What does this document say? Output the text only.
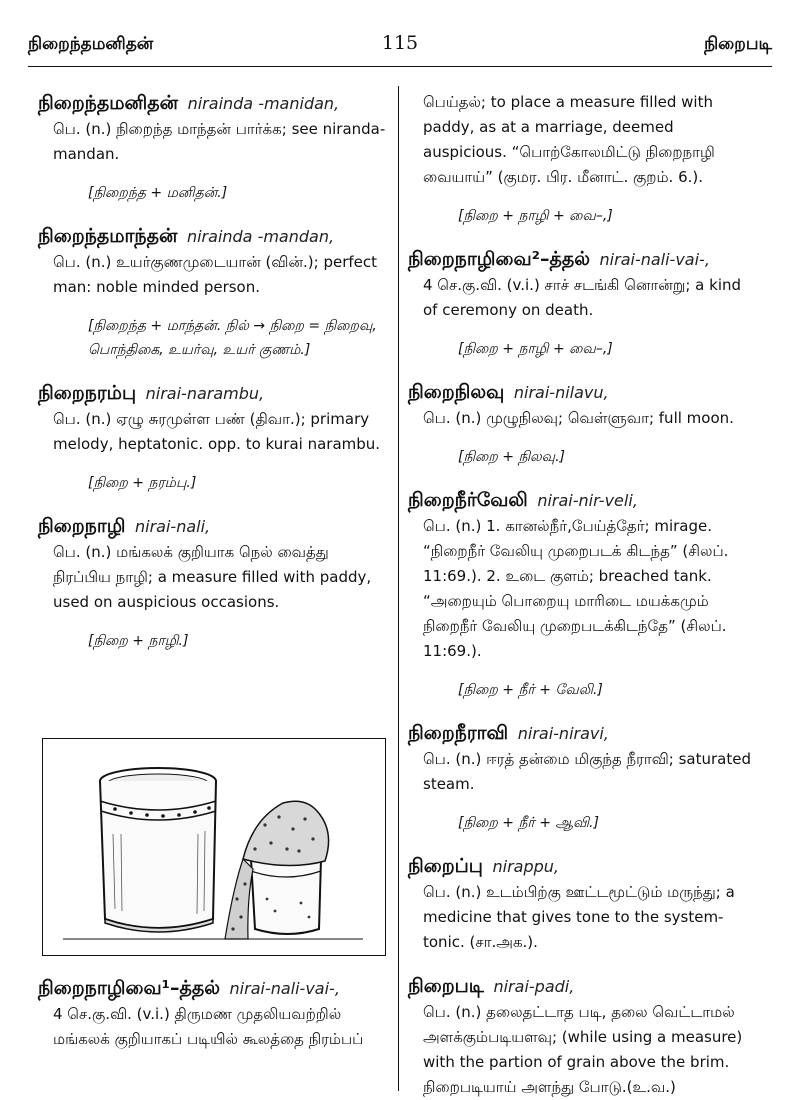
நிறைந்தமனிதன்	115	நிறைபடி
நிறைந்தமனிதன் nirainda -manidan,
பெ. (n.) நிறைந்த மாந்தன் பார்க்க; see niranda- mandan.
[நிறைந்த + மனிதன்.]
நிறைந்தமாந்தன் nirainda -mandan,
பெ. (n.) உயர்குணமுடையான் (வின்.); perfect man: noble minded person.
[நிறைந்த + மாந்தன். நில் → நிறை = நிறைவு, பொந்திகை, உயர்வு, உயர் குணம்.]
நிறைநரம்பு nirai-narambu,
பெ. (n.) ஏழு சுரமுள்ள பண் (திவா.); primary melody, heptatonic. opp. to kurai narambu.
[நிறை + நரம்பு.]
நிறைநாழி nirai-nali,
பெ. (n.) மங்கலக் குறியாக நெல் வைத்து நிரப்பிய நாழி; a measure filled with paddy, used on auspicious occasions.
[நிறை + நாழி.]
நிறைநாழிவை¹–த்தல் nirai-nali-vai-,
4 செ.கு.வி. (v.i.) திருமண முதலியவற்றில் மங்கலக் குறியாகப் படியில் கூலத்தை நிரம்பப்
பெய்தல்; to place a measure filled with paddy, as at a marriage, deemed auspicious. “பொற்கோலமிட்டு நிறைநாழி வையாய்” (குமர. பிர. மீனாட். குறம். 6.).
[நிறை + நாழி + வை–,]
நிறைநாழிவை²–த்தல் nirai-nali-vai-,
4 செ.கு.வி. (v.i.) சாச் சடங்கி னொன்று; a kind of ceremony on death.
[நிறை + நாழி + வை–,]
நிறைநிலவு nirai-nilavu,
பெ. (n.) முழுநிலவு; வெள்ளுவா; full moon.
[நிறை + நிலவு.]
நிறைநீர்வேலி nirai-nir-veli,
பெ. (n.) 1. கானல்நீர்,பேய்த்தேர்; mirage. “நிறைநீர் வேலியு முறைபடக் கிடந்த” (சிலப். 11:69.). 2. உடை குளம்; breached tank. “அறையும் பொறையு மாரிடை மயக்கமும் நிறைநீர் வேலியு முறைபடக்கிடந்தே” (சிலப். 11:69.).
[நிறை + நீர் + வேலி.]
நிறைநீராவி nirai-niravi,
பெ. (n.) ஈரத் தன்மை மிகுந்த நீராவி; saturated steam.
[நிறை + நீர் + ஆவி.]
நிறைப்பு nirappu,
பெ. (n.) உடம்பிற்கு ஊட்டமூட்டும் மருந்து; a medicine that gives tone to the system-tonic. (சா.அக.).
நிறைபடி nirai-padi,
பெ. (n.) தலைதட்டாத படி, தலை வெட்டாமல் அளக்கும்படியளவு; (while using a measure) with the partion of grain above the brim. நிறைபடியாய் அளந்து போடு.(உ.வ.)
